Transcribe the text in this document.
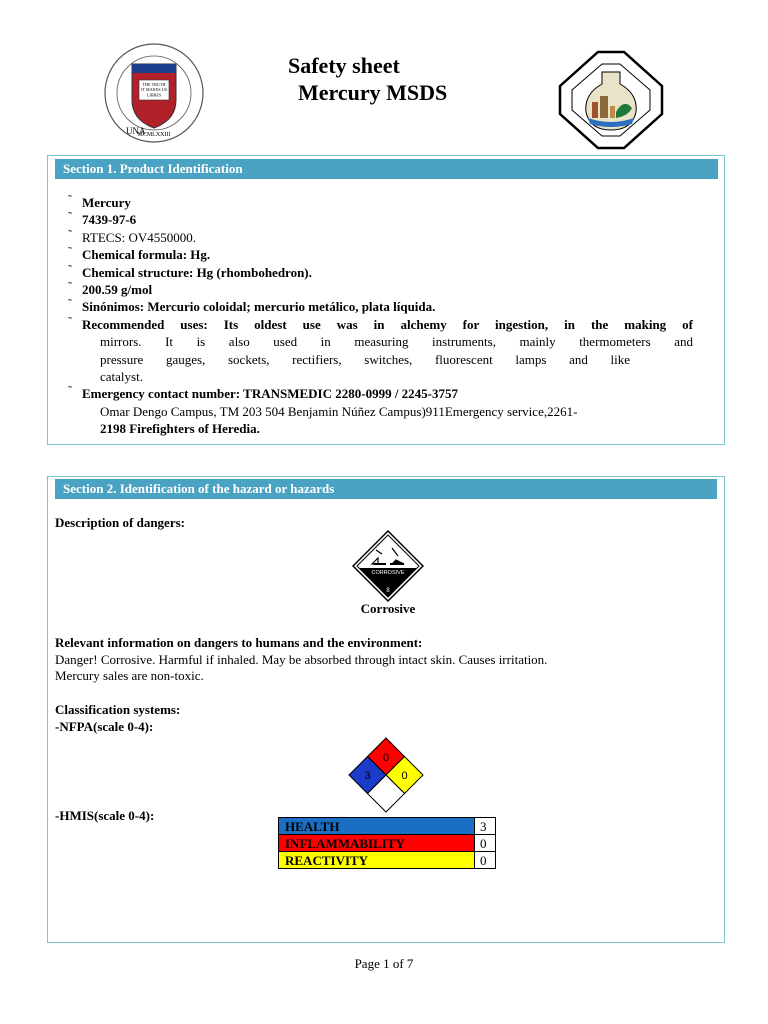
THE TRUTH
IT MAKES US
LIBRES
MCMLXXIII
UNA
Safety sheet
Mercury MSDS
Section 1. Product Identification
˜ Mercury
˜ 7439-97-6
˜ RTECS: OV4550000.
˜ Chemical formula: Hg.
˜ Chemical structure: Hg (rhombohedron).
˜ 200.59 g/mol
˜ Sinónimos: Mercurio coloidal; mercurio metálico, plata líquida.
˜ Recommended uses: Its oldest use was in alchemy for ingestion, in the making of
mirrors. It is also used in measuring instruments, mainly thermometers and
pressure gauges, sockets, rectifiers, switches, fluorescent lamps and like
catalyst.
˜ Emergency contact number: TRANSMEDIC 2280-0999 / 2245-3757
Omar Dengo Campus, TM 203 504 Benjamin Núñez Campus)911Emergency service,2261-
2198 Firefighters of Heredia.
Section 2. Identification of the hazard or hazards
Description of dangers:
CORROSIVE
8
Corrosive
Relevant information on dangers to humans and the environment:
Danger! Corrosive. Harmful if inhaled. May be absorbed through intact skin. Causes irritation.
Mercury sales are non-toxic.
Classification systems:
-NFPA(scale 0-4):
0
3	0
-HMIS(scale 0-4):
HEALTH	3
INFLAMMABILITY	0
REACTIVITY	0
Page 1 of 7
